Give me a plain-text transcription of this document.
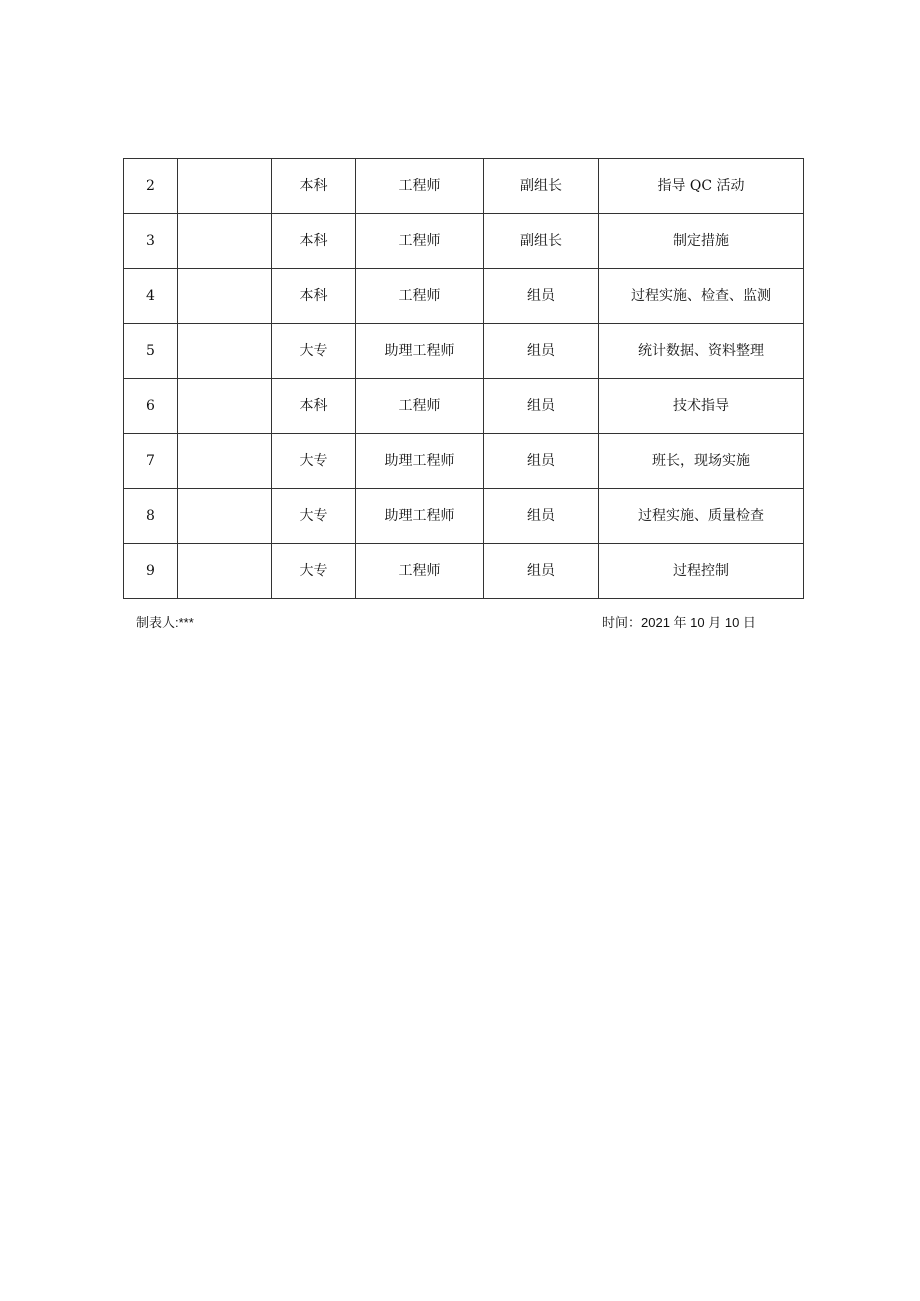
2		本科	工程师	副组长	指导 QC 活动
3		本科	工程师	副组长	制定措施
4		本科	工程师	组员	过程实施、检查、监测
5		大专	助理工程师	组员	统计数据、资料整理
6		本科	工程师	组员	技术指导
7		大专	助理工程师	组员	班长，现场实施
8		大专	助理工程师	组员	过程实施、质量检查
9		大专	工程师	组员	过程控制
制表人:***	时间：2021 年 10 月 10 日
